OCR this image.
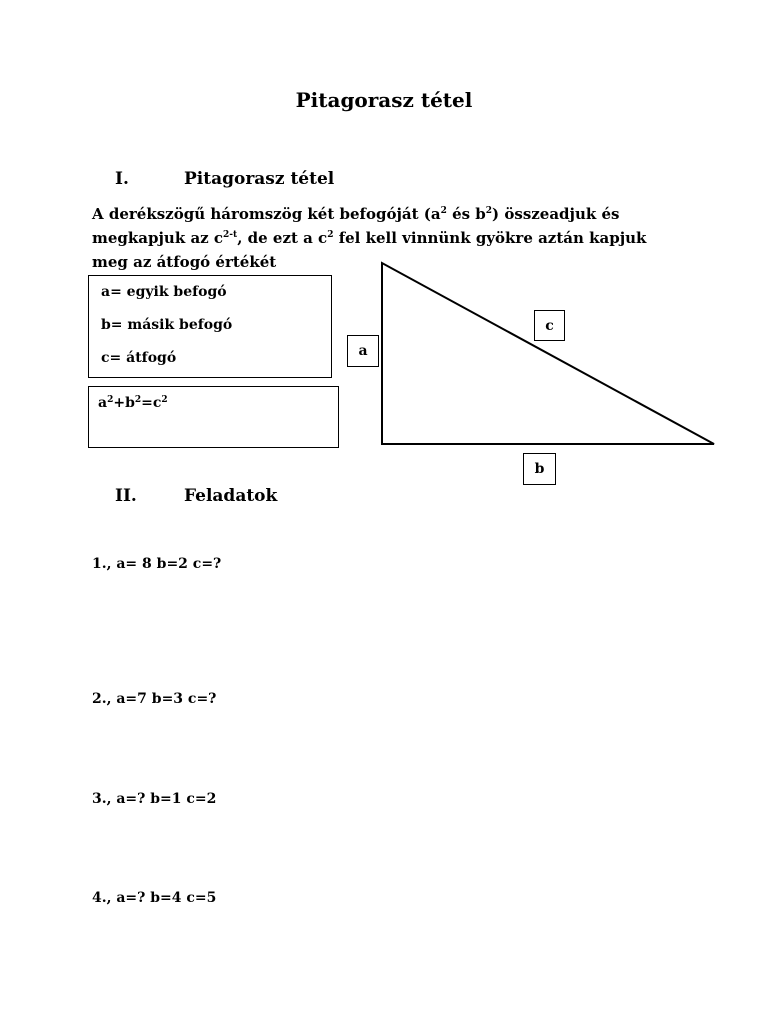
Pitagorasz tétel
I.	Pitagorasz tétel
A derékszögű háromszög két befogóját ($a^2$ és $b^2$) összeadjuk és megkapjuk az $c^{2-t}$, de ezt a $c^2$ fel kell vinnünk gyökre aztán kapjuk meg az átfogó értékét
a= egyik befogó
b= másik befogó
c= átfogó
$a^2+b^2=c^2$
a
c
b
II.	Feladatok
1., a= 8 b=2 c=?
2., a=7 b=3 c=?
3., a=? b=1 c=2
4., a=? b=4 c=5
